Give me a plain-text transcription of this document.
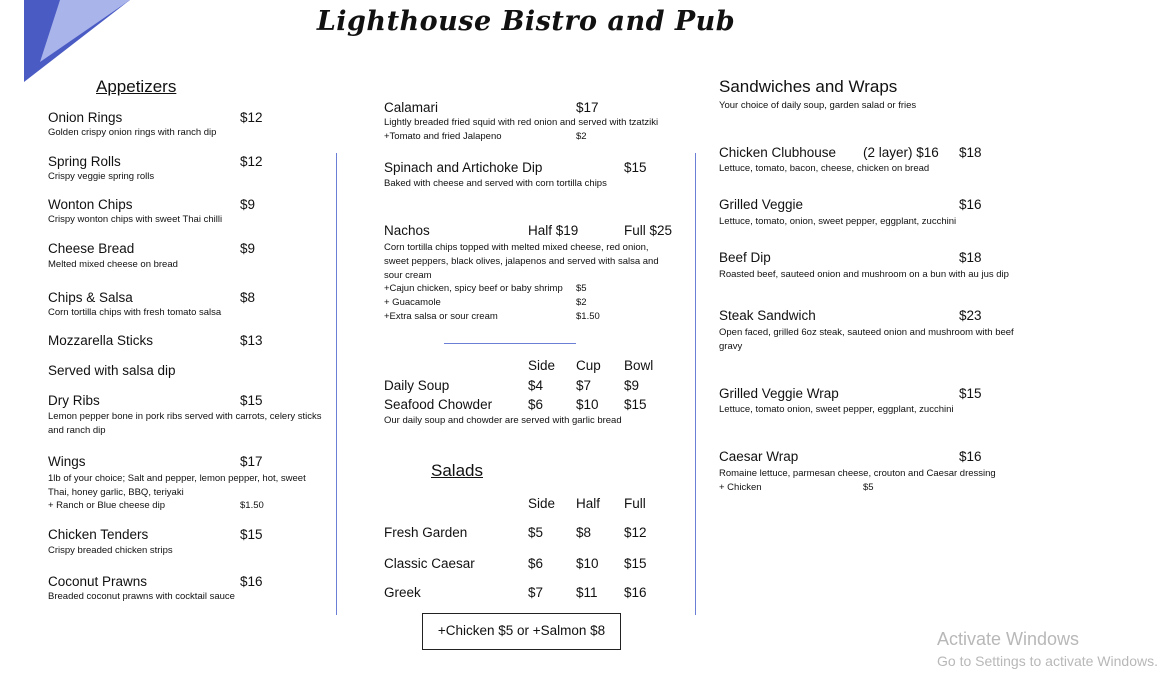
Lighthouse Bistro and Pub
Appetizers
Onion Rings	$12
Golden crispy onion rings with ranch dip
Spring Rolls	$12
Crispy veggie spring rolls
Wonton Chips	$9
Crispy wonton chips with sweet Thai chilli
Cheese Bread	$9
Melted mixed cheese on bread
Chips & Salsa	$8
Corn tortilla chips with fresh tomato salsa
Mozzarella Sticks	$13
Served with salsa dip
Dry Ribs	$15
Lemon pepper bone in pork ribs served with carrots, celery sticks and ranch dip
Wings	$17
1lb of your choice; Salt and pepper, lemon pepper, hot, sweet Thai, honey garlic, BBQ, teriyaki
+ Ranch or Blue cheese dip	$1.50
Chicken Tenders	$15
Crispy breaded chicken strips
Coconut Prawns	$16
Breaded coconut prawns with cocktail sauce
Calamari	$17
Lightly breaded fried squid with red onion and served with tzatziki
+Tomato and fried Jalapeno	$2
Spinach and Artichoke Dip	$15
Baked with cheese and served with corn tortilla chips
Nachos	Half $19	Full $25
Corn tortilla chips topped with melted mixed cheese, red onion, sweet peppers, black olives, jalapenos and served with salsa and sour cream
+Cajun chicken, spicy beef or baby shrimp $5
+ Guacamole	$2
+Extra salsa or sour cream	$1.50
Side Cup Bowl
Daily Soup	$4 $7 $9
Seafood Chowder	$6 $10 $15
Our daily soup and chowder are served with garlic bread
Salads
Side Half Full
Fresh Garden	$5 $8 $12
Classic Caesar	$6 $10 $15
Greek	$7 $11 $16
+Chicken $5 or +Salmon $8
Sandwiches and Wraps
Your choice of daily soup, garden salad or fries
Chicken Clubhouse (2 layer) $16 $18
Lettuce, tomato, bacon, cheese, chicken on bread
Grilled Veggie	$16
Lettuce, tomato, onion, sweet pepper, eggplant, zucchini
Beef Dip	$18
Roasted beef, sauteed onion and mushroom on a bun with au jus dip
Steak Sandwich	$23
Open faced, grilled 6oz steak, sauteed onion and mushroom with beef gravy
Grilled Veggie Wrap	$15
Lettuce, tomato onion, sweet pepper, eggplant, zucchini
Caesar Wrap	$16
Romaine lettuce, parmesan cheese, crouton and Caesar dressing
+ Chicken	$5
Activate Windows
Go to Settings to activate Windows.
